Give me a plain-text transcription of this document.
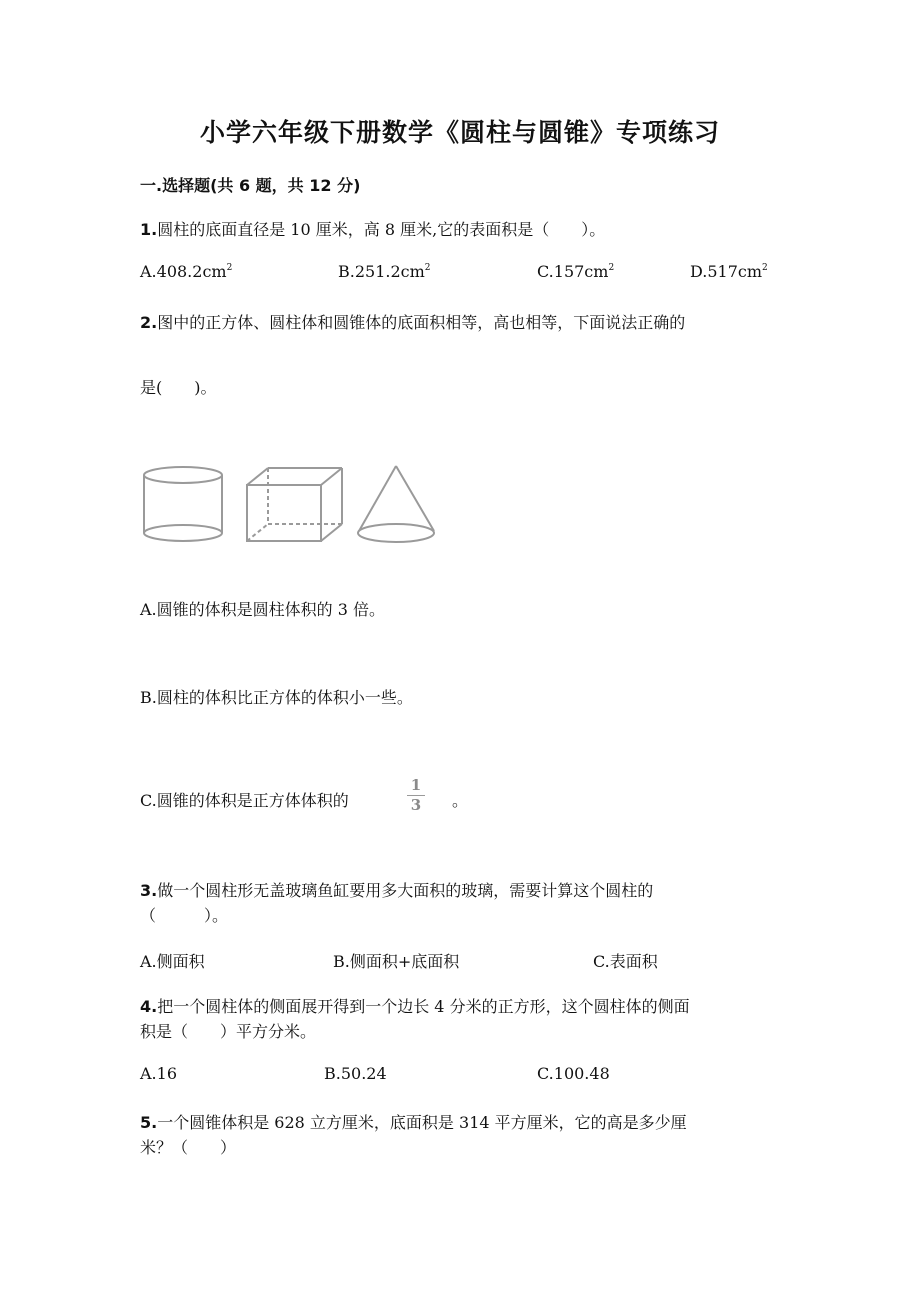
小学六年级下册数学《圆柱与圆锥》专项练习
一.选择题(共 6 题，共 12 分)
1.圆柱的底面直径是 10 厘米，高 8 厘米,它的表面积是（　　）。
$A.408.2cm^2$	$B.251.2cm^2$	$C.157cm^2$	$D.517cm^2$
2.图中的正方体、圆柱体和圆锥体的底面积相等，高也相等，下面说法正确的
是(　　)。
A.圆锥的体积是圆柱体积的 3 倍。
B.圆柱的体积比正方体的体积小一些。
C.圆锥的体积是正方体体积的
1
3	。
3.做一个圆柱形无盖玻璃鱼缸要用多大面积的玻璃，需要计算这个圆柱的
（　　　）。
A.侧面积	B.侧面积+底面积	C.表面积
4.把一个圆柱体的侧面展开得到一个边长 4 分米的正方形，这个圆柱体的侧面
积是（　　）平方分米。
A.16	B.50.24	C.100.48
5.一个圆锥体积是 628 立方厘米，底面积是 314 平方厘米，它的高是多少厘
米？（　　）
